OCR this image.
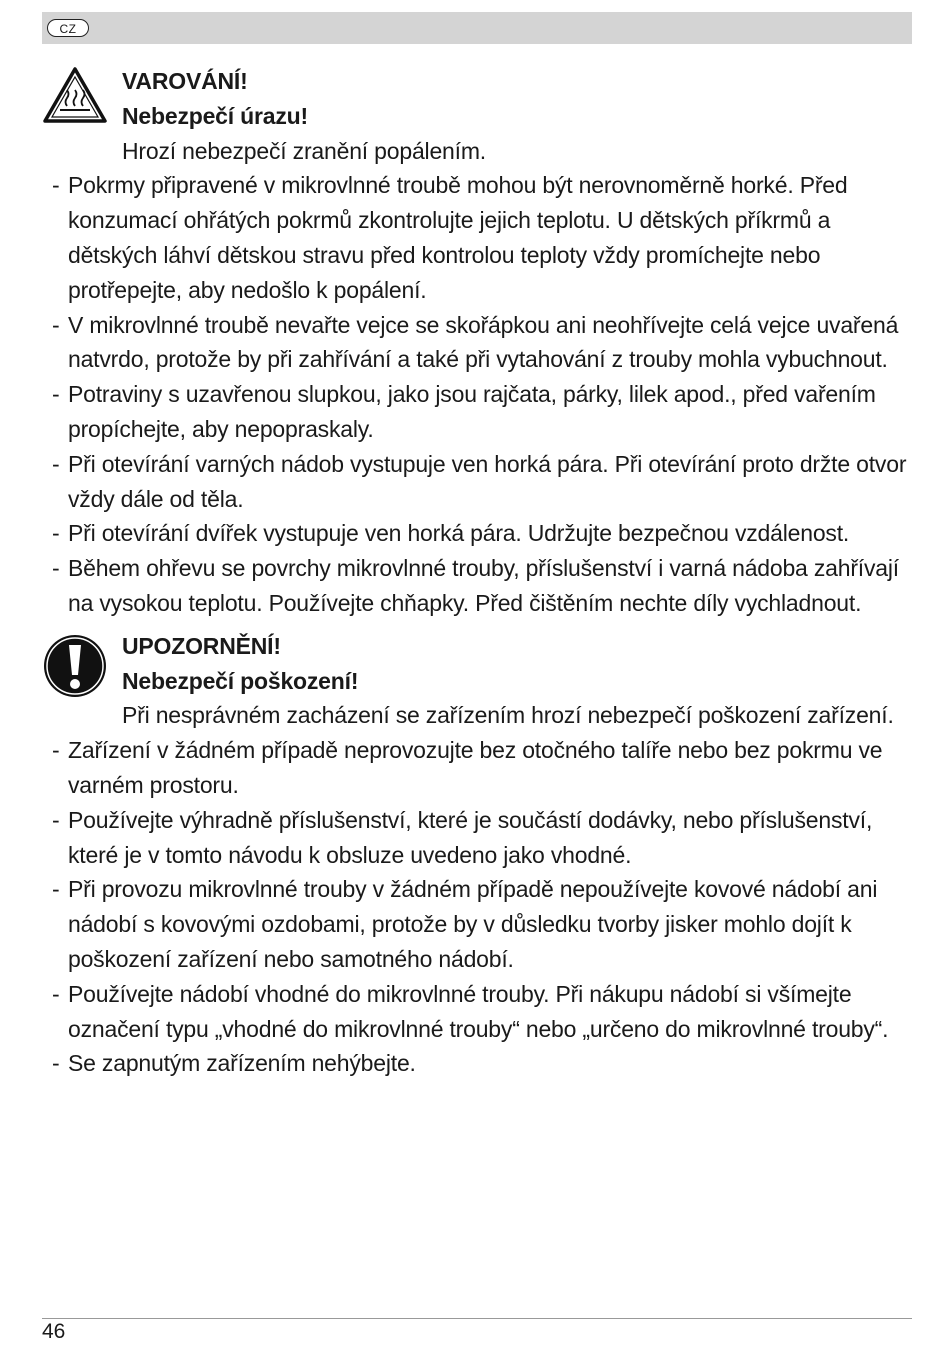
CZ
VAROVÁNÍ!
Nebezpečí úrazu!
Hrozí nebezpečí zranění popálením.
- Pokrmy připravené v mikrovlnné troubě mohou být nerovnoměrně horké. Před konzumací ohřátých pokrmů zkontrolujte jejich teplotu. U dětských příkrmů a dětských láhví dětskou stravu před kontrolou teploty vždy promíchejte nebo protřepejte, aby nedošlo k popálení.
- V mikrovlnné troubě nevařte vejce se skořápkou ani neohřívejte celá vejce uvařená natvrdo, protože by při zahřívání a také při vytahování z trouby mohla vybuchnout.
- Potraviny s uzavřenou slupkou, jako jsou rajčata, párky, lilek apod., před vařením propíchejte, aby nepopraskaly.
- Při otevírání varných nádob vystupuje ven horká pára. Při otevírání proto držte otvor vždy dále od těla.
- Při otevírání dvířek vystupuje ven horká pára. Udržujte bezpečnou vzdálenost.
- Během ohřevu se povrchy mikrovlnné trouby, příslušenství i varná nádoba zahřívají na vysokou teplotu. Používejte chňapky. Před čištěním nechte díly vychladnout.
UPOZORNĚNÍ!
Nebezpečí poškození!
Při nesprávném zacházení se zařízením hrozí nebezpečí poškození zařízení.
- Zařízení v žádném případě neprovozujte bez otočného talíře nebo bez pokrmu ve varném prostoru.
- Používejte výhradně příslušenství, které je součástí dodávky, nebo příslušenství, které je v tomto návodu k obsluze uvedeno jako vhodné.
- Při provozu mikrovlnné trouby v žádném případě nepoužívejte kovové nádobí ani nádobí s kovovými ozdobami, protože by v důsledku tvorby jisker mohlo dojít k poškození zařízení nebo samotného nádobí.
- Používejte nádobí vhodné do mikrovlnné trouby. Při nákupu nádobí si všímejte označení typu „vhodné do mikrovlnné trouby“ nebo „určeno do mikrovlnné trouby“.
- Se zapnutým zařízením nehýbejte.
46
